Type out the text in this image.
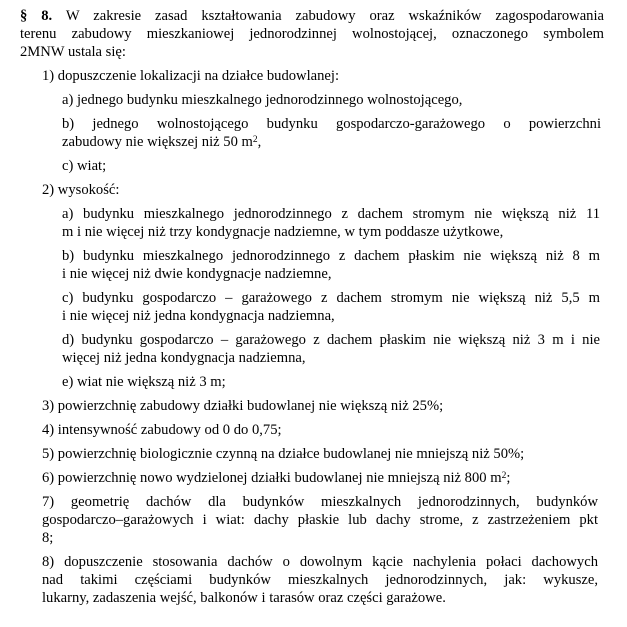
§ 8. W zakresie zasad kształtowania zabudowy oraz wskaźników zagospodarowania
terenu zabudowy mieszkaniowej jednorodzinnej wolnostojącej, oznaczonego symbolem
2MNW ustala się:
1) dopuszczenie lokalizacji na działce budowlanej:
a) jednego budynku mieszkalnego jednorodzinnego wolnostojącego,
b) jednego wolnostojącego budynku gospodarczo-garażowego o powierzchni
zabudowy nie większej niż 50 $m^2$,
c) wiat;
2) wysokość:
a) budynku mieszkalnego jednorodzinnego z dachem stromym nie większą niż 11
m i nie więcej niż trzy kondygnacje nadziemne, w tym poddasze użytkowe,
b) budynku mieszkalnego jednorodzinnego z dachem płaskim nie większą niż 8 m
i nie więcej niż dwie kondygnacje nadziemne,
c) budynku gospodarczo – garażowego z dachem stromym nie większą niż 5,5 m
i nie więcej niż jedna kondygnacja nadziemna,
d) budynku gospodarczo – garażowego z dachem płaskim nie większą niż 3 m i nie
więcej niż jedna kondygnacja nadziemna,
e) wiat nie większą niż 3 m;
3) powierzchnię zabudowy działki budowlanej nie większą niż 25%;
4) intensywność zabudowy od 0 do 0,75;
5) powierzchnię biologicznie czynną na działce budowlanej nie mniejszą niż 50%;
6) powierzchnię nowo wydzielonej działki budowlanej nie mniejszą niż 800 $m^2$;
7) geometrię dachów dla budynków mieszkalnych jednorodzinnych, budynków
gospodarczo–garażowych i wiat: dachy płaskie lub dachy strome, z zastrzeżeniem pkt
8;
8) dopuszczenie stosowania dachów o dowolnym kącie nachylenia połaci dachowych
nad takimi częściami budynków mieszkalnych jednorodzinnych, jak: wykusze,
lukarny, zadaszenia wejść, balkonów i tarasów oraz części garażowe.
